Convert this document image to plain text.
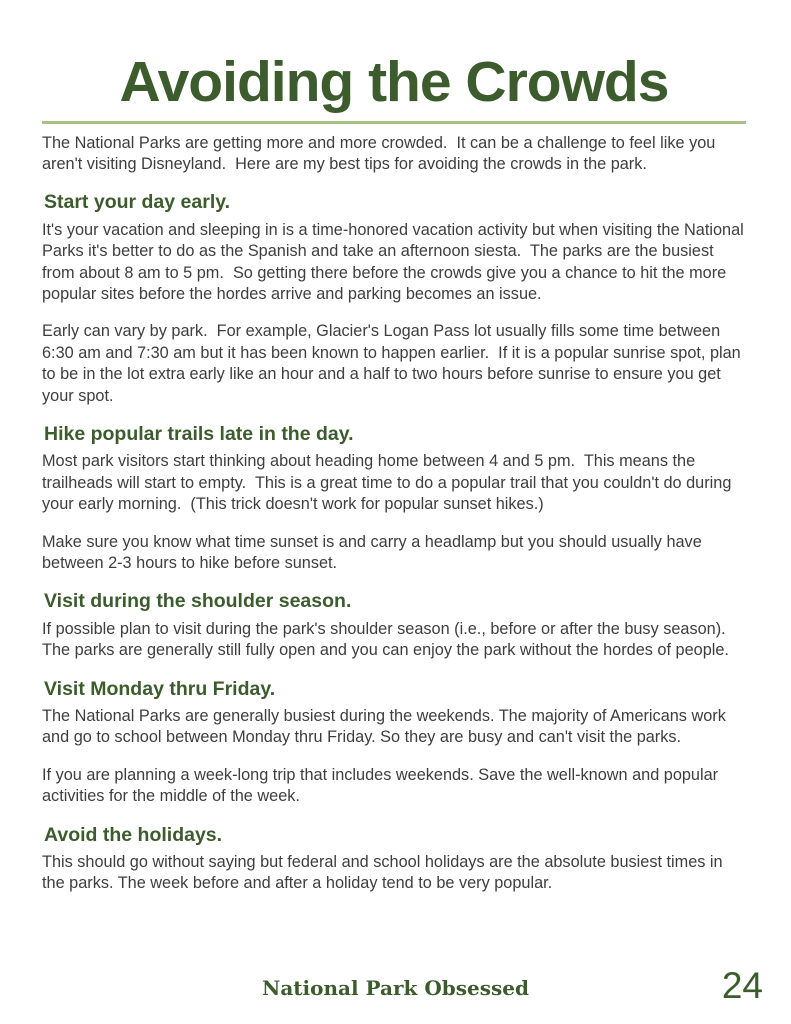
Avoiding the Crowds

The National Parks are getting more and more crowded.  It can be a challenge to feel like you aren't visiting Disneyland.  Here are my best tips for avoiding the crowds in the park.

Start your day early.

It's your vacation and sleeping in is a time-honored vacation activity but when visiting the National Parks it's better to do as the Spanish and take an afternoon siesta.  The parks are the busiest from about 8 am to 5 pm.  So getting there before the crowds give you a chance to hit the more popular sites before the hordes arrive and parking becomes an issue.

Early can vary by park.  For example, Glacier's Logan Pass lot usually fills some time between 6:30 am and 7:30 am but it has been known to happen earlier.  If it is a popular sunrise spot, plan to be in the lot extra early like an hour and a half to two hours before sunrise to ensure you get your spot.

Hike popular trails late in the day.

Most park visitors start thinking about heading home between 4 and 5 pm.  This means the trailheads will start to empty.  This is a great time to do a popular trail that you couldn't do during your early morning.  (This trick doesn't work for popular sunset hikes.)

Make sure you know what time sunset is and carry a headlamp but you should usually have between 2-3 hours to hike before sunset.

Visit during the shoulder season.

If possible plan to visit during the park's shoulder season (i.e., before or after the busy season).  The parks are generally still fully open and you can enjoy the park without the hordes of people.

Visit Monday thru Friday.

The National Parks are generally busiest during the weekends. The majority of Americans work and go to school between Monday thru Friday. So they are busy and can't visit the parks.

If you are planning a week-long trip that includes weekends. Save the well-known and popular activities for the middle of the week.

Avoid the holidays.

This should go without saying but federal and school holidays are the absolute busiest times in the parks. The week before and after a holiday tend to be very popular.

National Park Obsessed	24
